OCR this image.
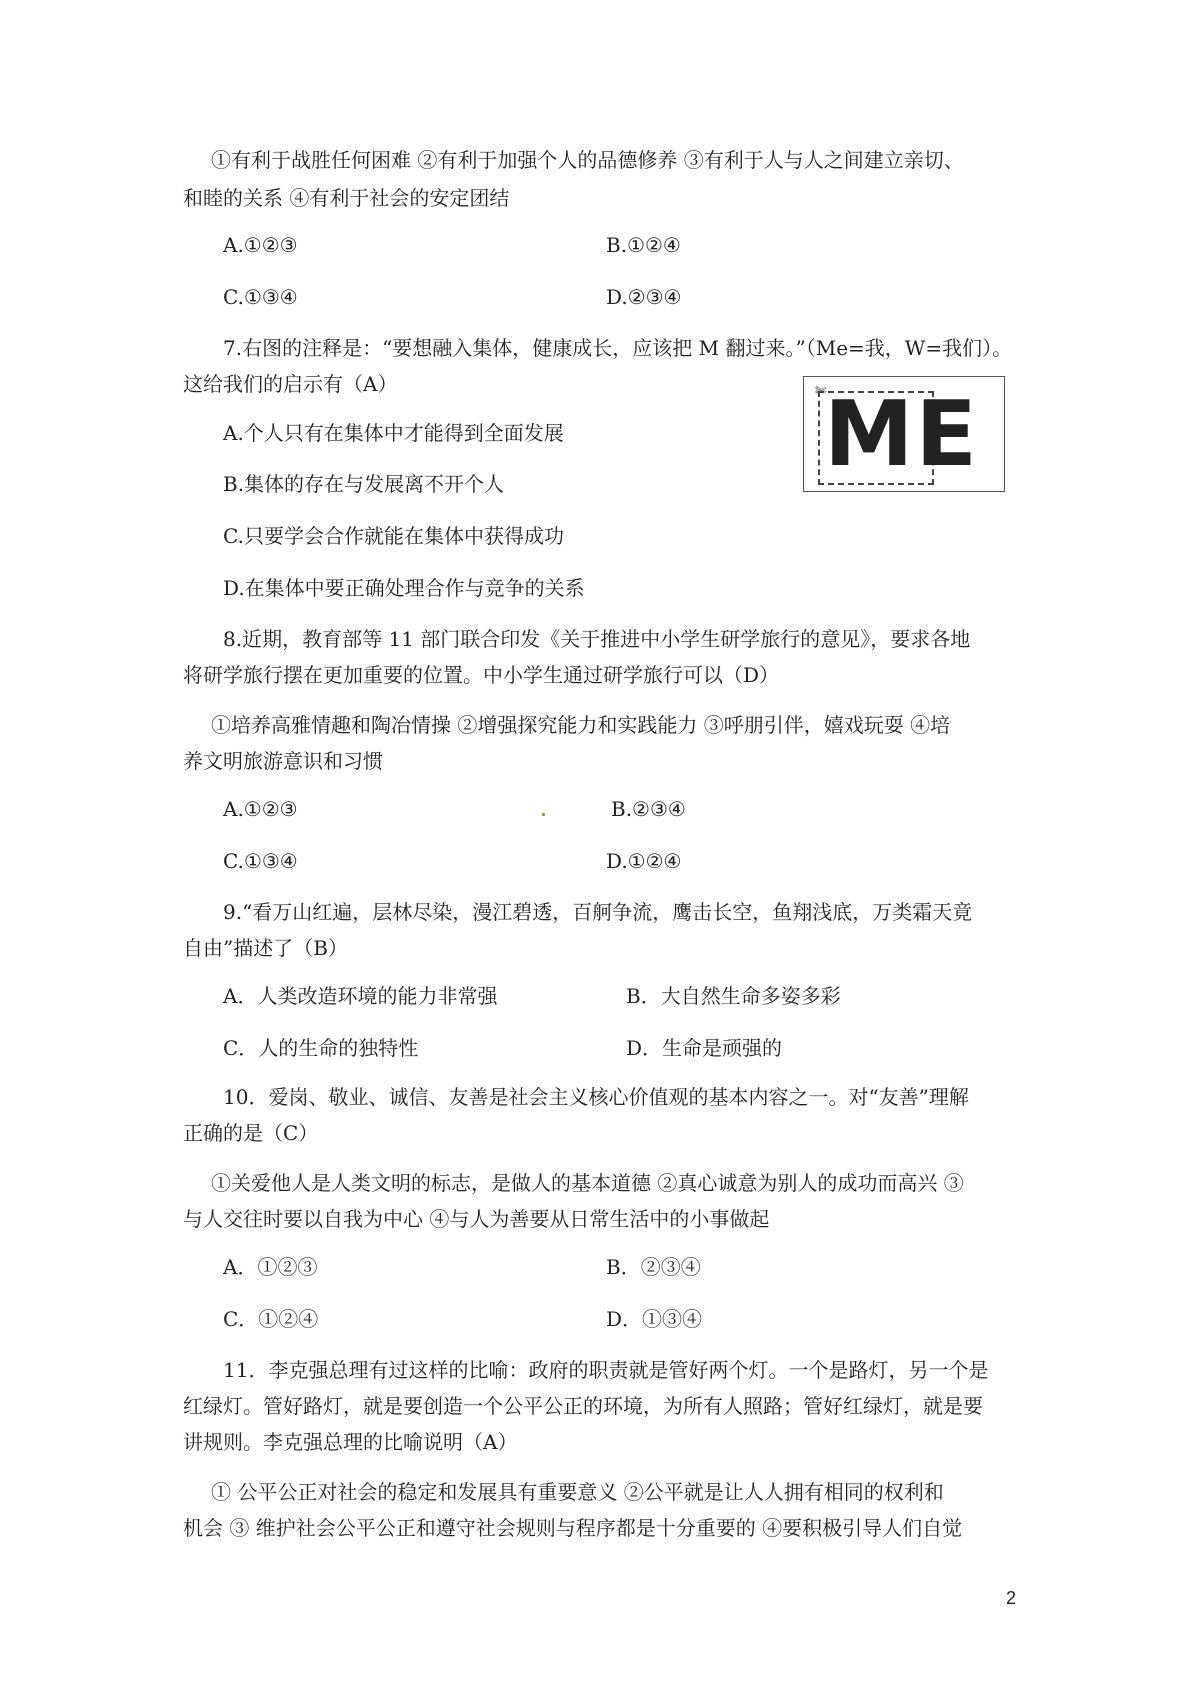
①有利于战胜任何困难 ②有利于加强个人的品德修养 ③有利于人与人之间建立亲切、
和睦的关系 ④有利于社会的安定团结
A.①②③	B.①②④
C.①③④	D.②③④
7.右图的注释是：“要想融入集体，健康成长，应该把 M 翻过来。”（Me=我，W=我们）。
这给我们的启示有（A）
A.个人只有在集体中才能得到全面发展
B.集体的存在与发展离不开个人
C.只要学会合作就能在集体中获得成功
D.在集体中要正确处理合作与竞争的关系
✄
ME
8.近期，教育部等 11 部门联合印发《关于推进中小学生研学旅行的意见》，要求各地
将研学旅行摆在更加重要的位置。中小学生通过研学旅行可以（D）
①培养高雅情趣和陶冶情操 ②增强探究能力和实践能力 ③呼朋引伴，嬉戏玩耍 ④培
养文明旅游意识和习惯
A.①②③	B.②③④
C.①③④	D.①②④
9.“看万山红遍，层林尽染，漫江碧透，百舸争流，鹰击长空，鱼翔浅底，万类霜天竟
自由”描述了（B）
A．人类改造环境的能力非常强	B．大自然生命多姿多彩
C．人的生命的独特性	D．生命是顽强的
10．爱岗、敬业、诚信、友善是社会主义核心价值观的基本内容之一。对“友善”理解
正确的是（C）
①关爱他人是人类文明的标志，是做人的基本道德 ②真心诚意为别人的成功而高兴 ③
与人交往时要以自我为中心 ④与人为善要从日常生活中的小事做起
A．①②③	B．②③④
C．①②④	D．①③④
11．李克强总理有过这样的比喻：政府的职责就是管好两个灯。一个是路灯，另一个是
红绿灯。管好路灯，就是要创造一个公平公正的环境，为所有人照路；管好红绿灯，就是要
讲规则。李克强总理的比喻说明（A）
① 公平公正对社会的稳定和发展具有重要意义 ②公平就是让人人拥有相同的权利和
机会 ③ 维护社会公平公正和遵守社会规则与程序都是十分重要的 ④要积极引导人们自觉
2
